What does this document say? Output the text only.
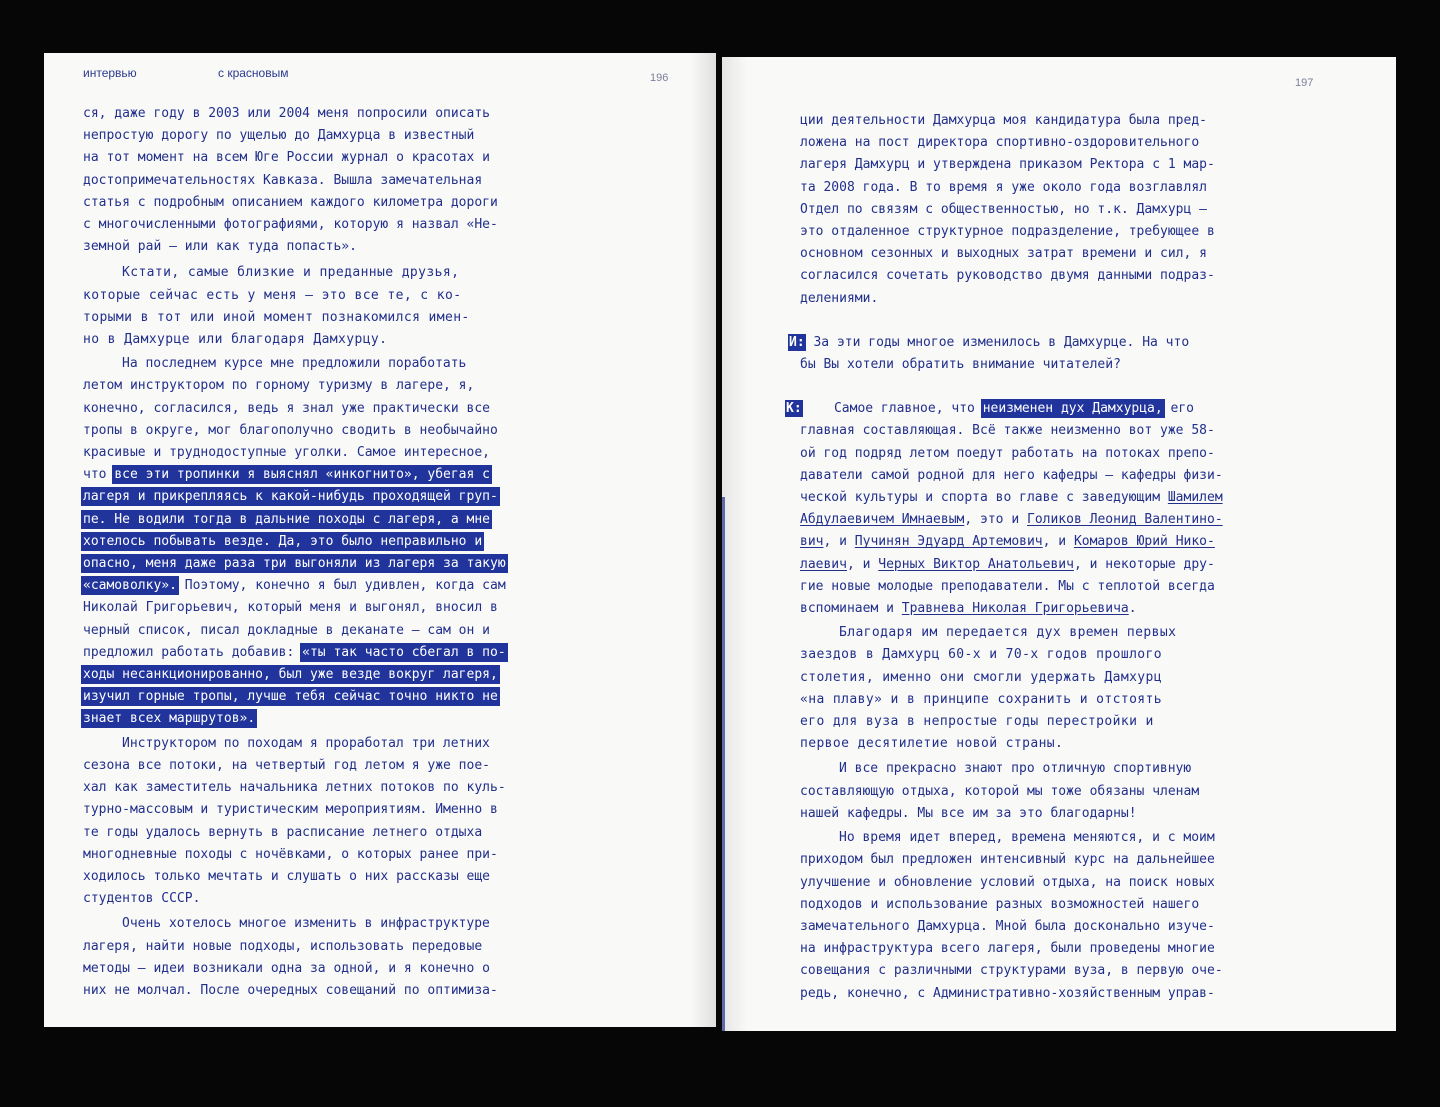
интервью	с красновым	196

ся, даже году в 2003 или 2004 меня попросили описать

непростую дорогу по ущелью до Дамхурца в известный

на тот момент на всем Юге России журнал о красотах и

достопримечательностях Кавказа. Вышла замечательная

статья с подробным описанием каждого километра дороги

с многочисленными фотографиями, которую я назвал «Не-

земной рай — или как туда попасть».

Кстати, самые близкие и преданные друзья,

которые сейчас есть у меня — это все те, с ко-

торыми в тот или иной момент познакомился имен-

но в Дамхурце или благодаря Дамхурцу.

На последнем курсе мне предложили поработать

летом инструктором по горному туризму в лагере, я,

конечно, согласился, ведь я знал уже практически все

тропы в округе, мог благополучно сводить в необычайно

красивые и труднодоступные уголки. Самое интересное,

что все эти тропинки я выяснял «инкогнито», убегая с

лагеря и прикрепляясь к какой-нибудь проходящей груп-

пе. Не водили тогда в дальние походы с лагеря, а мне

хотелось побывать везде. Да, это было неправильно и

опасно, меня даже раза три выгоняли из лагеря за такую

«самоволку». Поэтому, конечно я был удивлен, когда сам

Николай Григорьевич, который меня и выгонял, вносил в

черный список, писал докладные в деканате — сам он и

предложил работать добавив: «ты так часто сбегал в по-

ходы несанкционированно, был уже везде вокруг лагеря,

изучил горные тропы, лучше тебя сейчас точно никто не

знает всех маршрутов».

Инструктором по походам я проработал три летних

сезона все потоки, на четвертый год летом я уже пое-

хал как заместитель начальника летних потоков по куль-

турно-массовым и туристическим мероприятиям. Именно в

те годы удалось вернуть в расписание летнего отдыха

многодневные походы с ночёвками, о которых ранее при-

ходилось только мечтать и слушать о них рассказы еще

студентов СССР.

Очень хотелось многое изменить в инфраструктуре

лагеря, найти новые подходы, использовать передовые

методы — идеи возникали одна за одной, и я конечно о

них не молчал. После очередных совещаний по оптимиза-

197

ции деятельности Дамхурца моя кандидатура была пред-

ложена на пост директора спортивно-оздоровительного

лагеря Дамхурц и утверждена приказом Ректора с 1 мар-

та 2008 года. В то время я уже около года возглавлял

Отдел по связям с общественностью, но т.к. Дамхурц —

это отдаленное структурное подразделение, требующее в

основном сезонных и выходных затрат времени и сил, я

согласился сочетать руководство двумя данными подраз-

делениями.

И: За эти годы многое изменилось в Дамхурце. На что

бы Вы хотели обратить внимание читателей?

К: Самое главное, что неизменен дух Дамхурца, его

главная составляющая. Всё также неизменно вот уже 58-

ой год подряд летом поедут работать на потоках препо-

даватели самой родной для него кафедры — кафедры физи-

ческой культуры и спорта во главе с заведующим Шамилем

Абдулаевичем Имнаевым, это и Голиков Леонид Валентино-

вич, и Пучинян Эдуард Артемович, и Комаров Юрий Нико-

лаевич, и Черных Виктор Анатольевич, и некоторые дру-

гие новые молодые преподаватели. Мы с теплотой всегда

вспоминаем и Травнева Николая Григорьевича.

Благодаря им передается дух времен первых

заездов в Дамхурц 60-х и 70-х годов прошлого

столетия, именно они смогли удержать Дамхурц

«на плаву» и в принципе сохранить и отстоять

его для вуза в непростые годы перестройки и

первое десятилетие новой страны.

И все прекрасно знают про отличную спортивную

составляющую отдыха, которой мы тоже обязаны членам

нашей кафедры. Мы все им за это благодарны!

Но время идет вперед, времена меняются, и с моим

приходом был предложен интенсивный курс на дальнейшее

улучшение и обновление условий отдыха, на поиск новых

подходов и использование разных возможностей нашего

замечательного Дамхурца. Мной была досконально изуче-

на инфраструктура всего лагеря, были проведены многие

совещания с различными структурами вуза, в первую оче-

редь, конечно, с Административно-хозяйственным управ-
